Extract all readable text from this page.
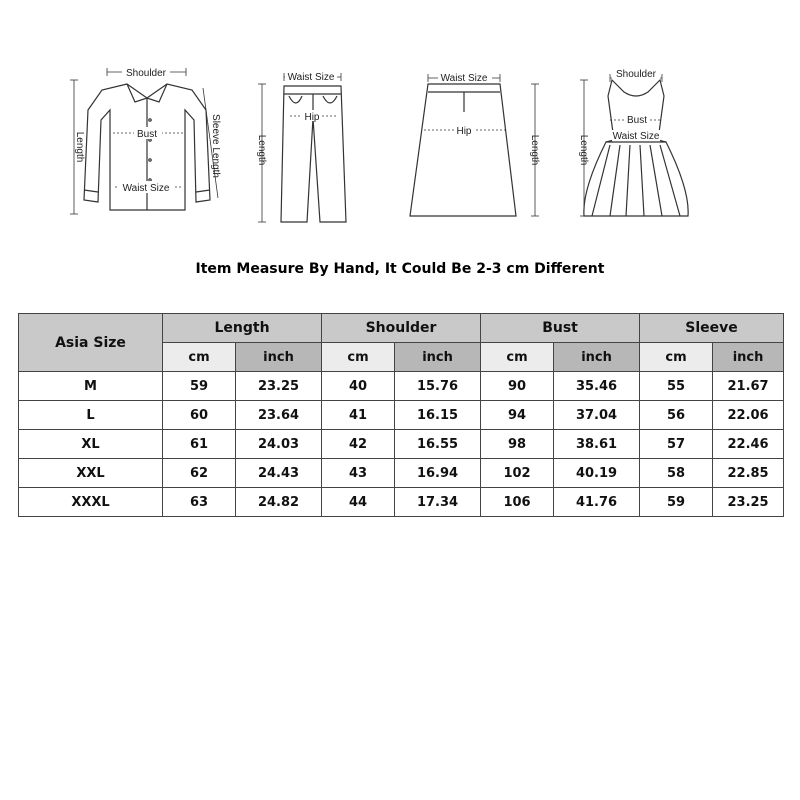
Shoulder
Bust
Waist Size
Length	Sleeve Length
Waist Size
Hip
Length
Waist Size
Hip
Length
Shoulder
Bust
Waist Size
Length
Item Measure By Hand, It Could Be 2-3 cm Different
Asia Size	Length		Shoulder		Bust		Sleeve	
	cm	inch	cm	inch	cm	inch	cm	inch
M	59	23.25	40	15.76	90	35.46	55	21.67
L	60	23.64	41	16.15	94	37.04	56	22.06
XL	61	24.03	42	16.55	98	38.61	57	22.46
XXL	62	24.43	43	16.94	102	40.19	58	22.85
XXXL	63	24.82	44	17.34	106	41.76	59	23.25
